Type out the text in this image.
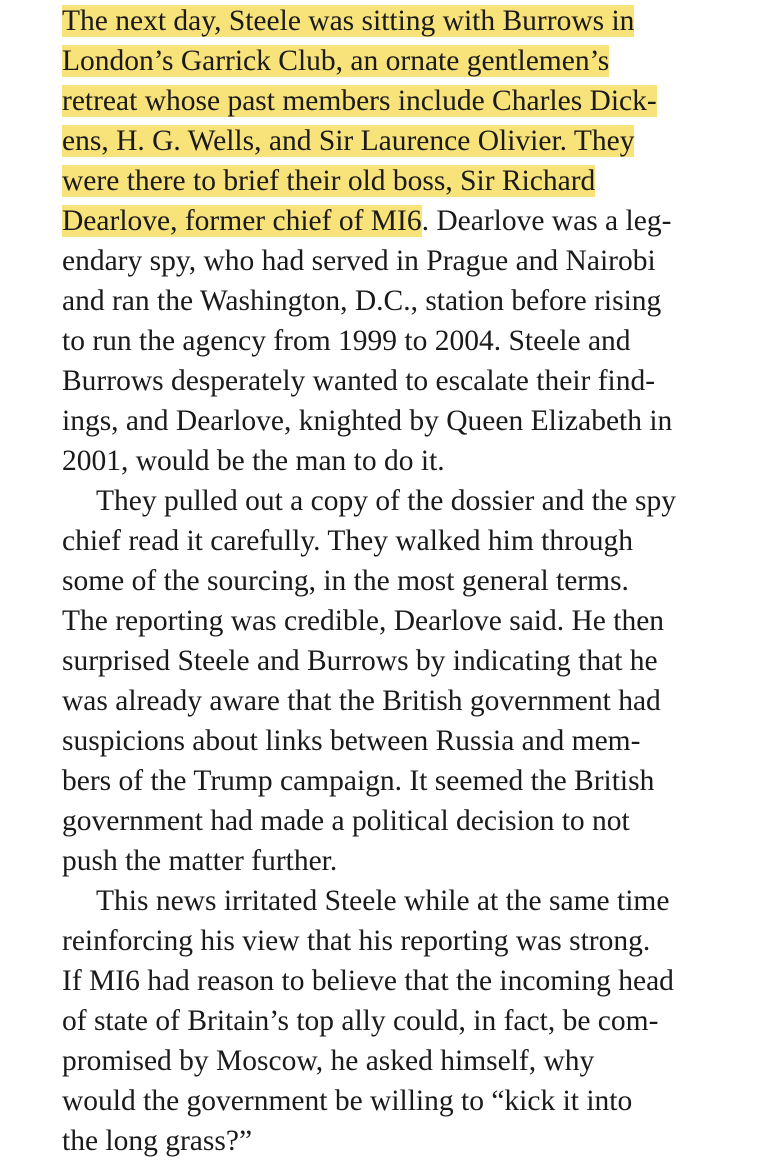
The next day, Steele was sitting with Burrows in
London’s Garrick Club, an ornate gentlemen’s
retreat whose past members include Charles Dick-
ens, H. G. Wells, and Sir Laurence Olivier. They
were there to brief their old boss, Sir Richard
Dearlove, former chief of MI6. Dearlove was a leg-
endary spy, who had served in Prague and Nairobi
and ran the Washington, D.C., station before rising
to run the agency from 1999 to 2004. Steele and
Burrows desperately wanted to escalate their find-
ings, and Dearlove, knighted by Queen Elizabeth in
2001, would be the man to do it.
They pulled out a copy of the dossier and the spy
chief read it carefully. They walked him through
some of the sourcing, in the most general terms.
The reporting was credible, Dearlove said. He then
surprised Steele and Burrows by indicating that he
was already aware that the British government had
suspicions about links between Russia and mem-
bers of the Trump campaign. It seemed the British
government had made a political decision to not
push the matter further.
This news irritated Steele while at the same time
reinforcing his view that his reporting was strong.
If MI6 had reason to believe that the incoming head
of state of Britain’s top ally could, in fact, be com-
promised by Moscow, he asked himself, why
would the government be willing to “kick it into
the long grass?”
